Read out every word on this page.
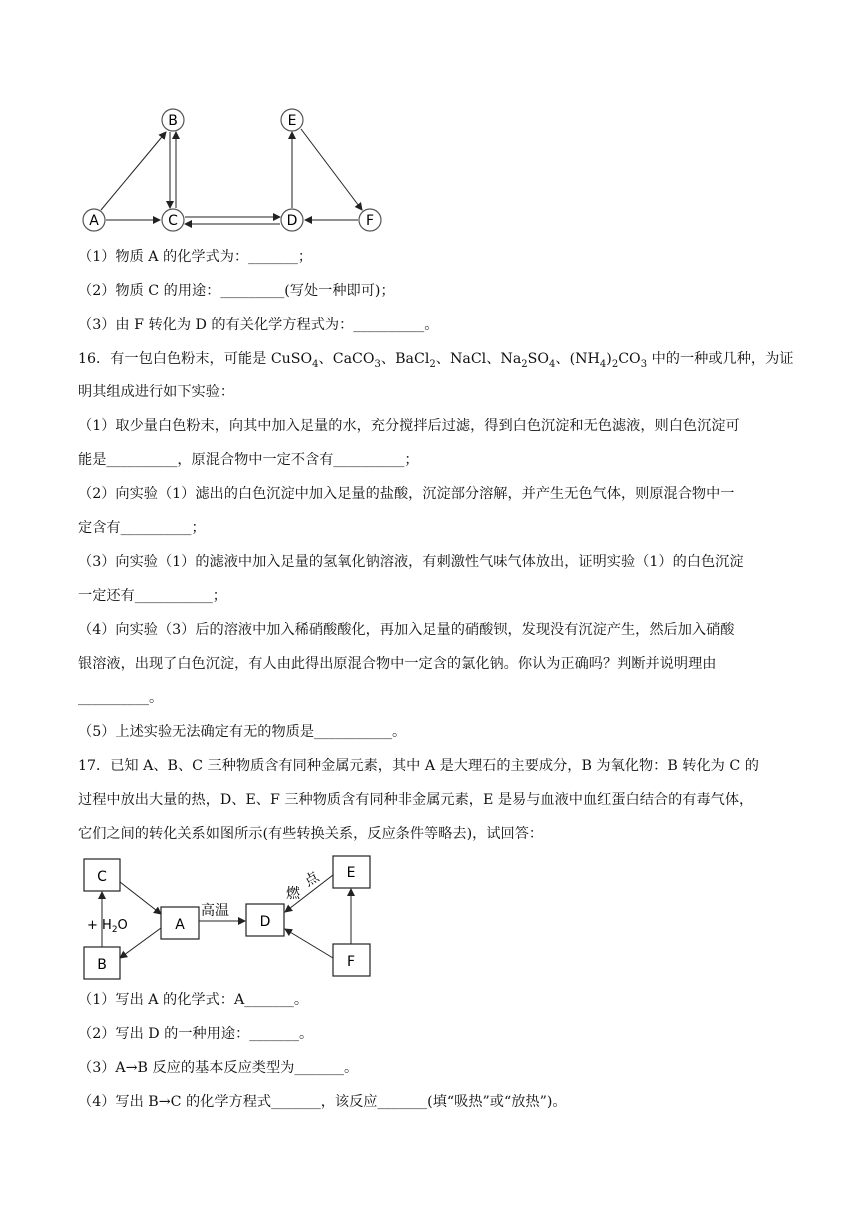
A
B
C	D
E
F
（1）物质 A 的化学式为：_______；
（2）物质 C 的用途：_________(写处一种即可)；
（3）由 F 转化为 D 的有关化学方程式为：__________。
16．有一包白色粉末，可能是 CuSO$_4$、CaCO$_3$、BaCl$_2$、NaCl、$Na_2SO_4$、$(NH_4)_2CO_3$ 中的一种或几种，为证
明其组成进行如下实验：
（1）取少量白色粉末，向其中加入足量的水，充分搅拌后过滤，得到白色沉淀和无色滤液，则白色沉淀可
能是__________，原混合物中一定不含有__________；
（2）向实验（1）滤出的白色沉淀中加入足量的盐酸，沉淀部分溶解，并产生无色气体，则原混合物中一
定含有__________；
（3）向实验（1）的滤液中加入足量的氢氧化钠溶液，有刺激性气味气体放出，证明实验（1）的白色沉淀
一定还有___________；
（4）向实验（3）后的溶液中加入稀硝酸酸化，再加入足量的硝酸钡，发现没有沉淀产生，然后加入硝酸
银溶液，出现了白色沉淀，有人由此得出原混合物中一定含的氯化钠。你认为正确吗？判断并说明理由
__________。
（5）上述实验无法确定有无的物质是___________。
17．已知 A、B、C 三种物质含有同种金属元素，其中 A 是大理石的主要成分，B 为氧化物：B 转化为 C 的
过程中放出大量的热，D、E、F 三种物质含有同种非金属元素，E 是易与血液中血红蛋白结合的有毒气体，
它们之间的转化关系如图所示(有些转换关系，反应条件等略去)，试回答：
C
A	D
E
B	F
高温
点
燃
+ $H_2O$
（1）写出 A 的化学式：A_______。
（2）写出 D 的一种用途：_______。
（3）A→B 反应的基本反应类型为_______。
（4）写出 B→C 的化学方程式_______，该反应_______(填“吸热”或“放热”)。
